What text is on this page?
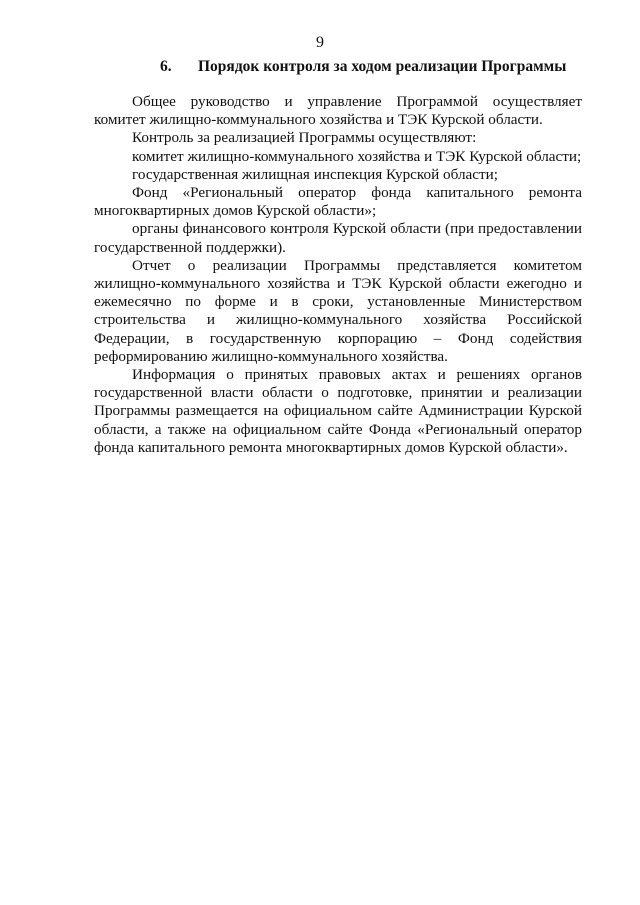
9
6. Порядок контроля за ходом реализации Программы

Общее руководство и управление Программой осуществляет комитет жилищно-коммунального хозяйства и ТЭК Курской области.

Контроль за реализацией Программы осуществляют:

комитет жилищно-коммунального хозяйства и ТЭК Курской области;

государственная жилищная инспекция Курской области;

Фонд «Региональный оператор фонда капитального ремонта многоквартирных домов Курской области»;

органы финансового контроля Курской области (при предоставлении государственной поддержки).

Отчет о реализации Программы представляется комитетом жилищно-коммунального хозяйства и ТЭК Курской области ежегодно и ежемесячно по форме и в сроки, установленные Министерством строительства и жилищно-коммунального хозяйства Российской Федерации, в государственную корпорацию – Фонд содействия реформированию жилищно-коммунального хозяйства.

Информация о принятых правовых актах и решениях органов государственной власти области о подготовке, принятии и реализации Программы размещается на официальном сайте Администрации Курской области, а также на официальном сайте Фонда «Региональный оператор фонда капитального ремонта многоквартирных домов Курской области».
